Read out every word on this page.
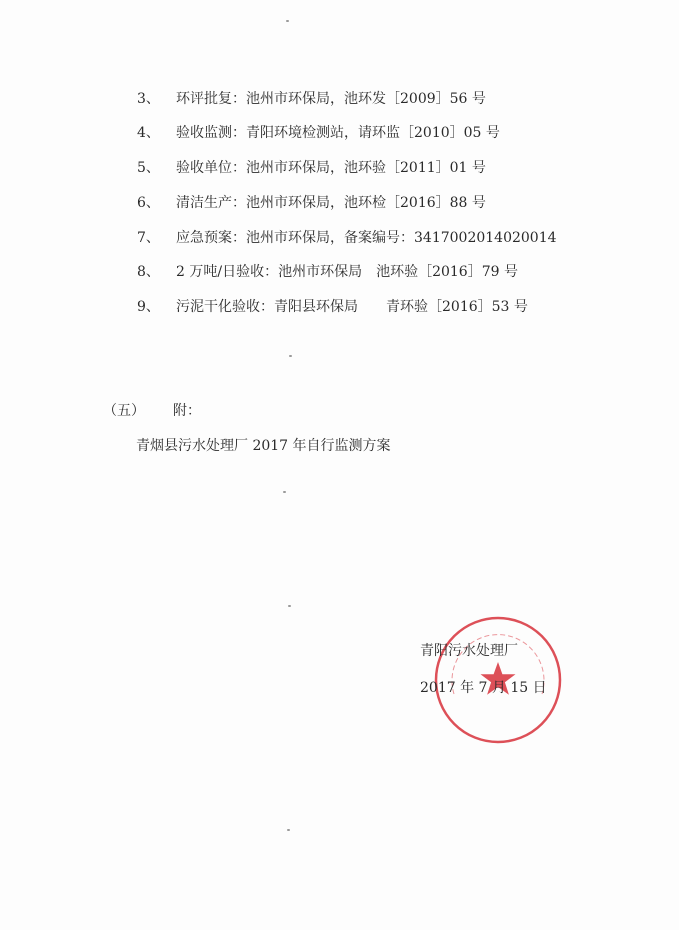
3、	环评批复：池州市环保局，池环发［2009］56 号
4、	验收监测：青阳环境检测站，请环监［2010］05 号
5、	验收单位：池州市环保局，池环验［2011］01 号
6、	清洁生产：池州市环保局，池环检［2016］88 号
7、	应急预案：池州市环保局，备案编号：3417002014020014
8、	2 万吨/日验收：池州市环保局　池环验［2016］79 号
9、	污泥干化验收：青阳县环保局　　青环验［2016］53 号
（五） 附：
青烟县污水处理厂 2017 年自行监测方案
青阳污水处理厂
2017 年 7 月 15 日
